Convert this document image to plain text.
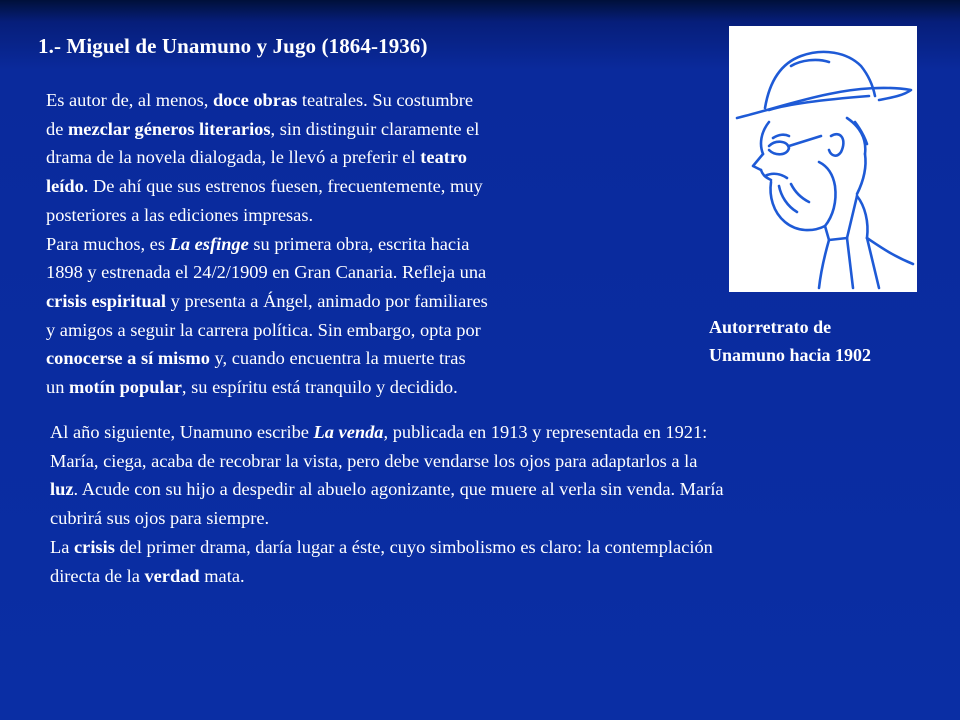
1.- Miguel de Unamuno y Jugo (1864-1936)

Es autor de, al menos, doce obras teatrales. Su costumbre
de mezclar géneros literarios, sin distinguir claramente el
drama de la novela dialogada, le llevó a preferir el teatro
leído. De ahí que sus estrenos fuesen, frecuentemente, muy
posteriores a las ediciones impresas.
Para muchos, es La esfinge su primera obra, escrita hacia
1898 y estrenada el 24/2/1909 en Gran Canaria. Refleja una
crisis espiritual y presenta a Ángel, animado por familiares
y amigos a seguir la carrera política. Sin embargo, opta por
conocerse a sí mismo y, cuando encuentra la muerte tras
un motín popular, su espíritu está tranquilo y decidido.

Autorretrato de
Unamuno hacia 1902

Al año siguiente, Unamuno escribe La venda, publicada en 1913 y representada en 1921:
María, ciega, acaba de recobrar la vista, pero debe vendarse los ojos para adaptarlos a la
luz. Acude con su hijo a despedir al abuelo agonizante, que muere al verla sin venda. María
cubrirá sus ojos para siempre.
La crisis del primer drama, daría lugar a éste, cuyo simbolismo es claro: la contemplación
directa de la verdad mata.
